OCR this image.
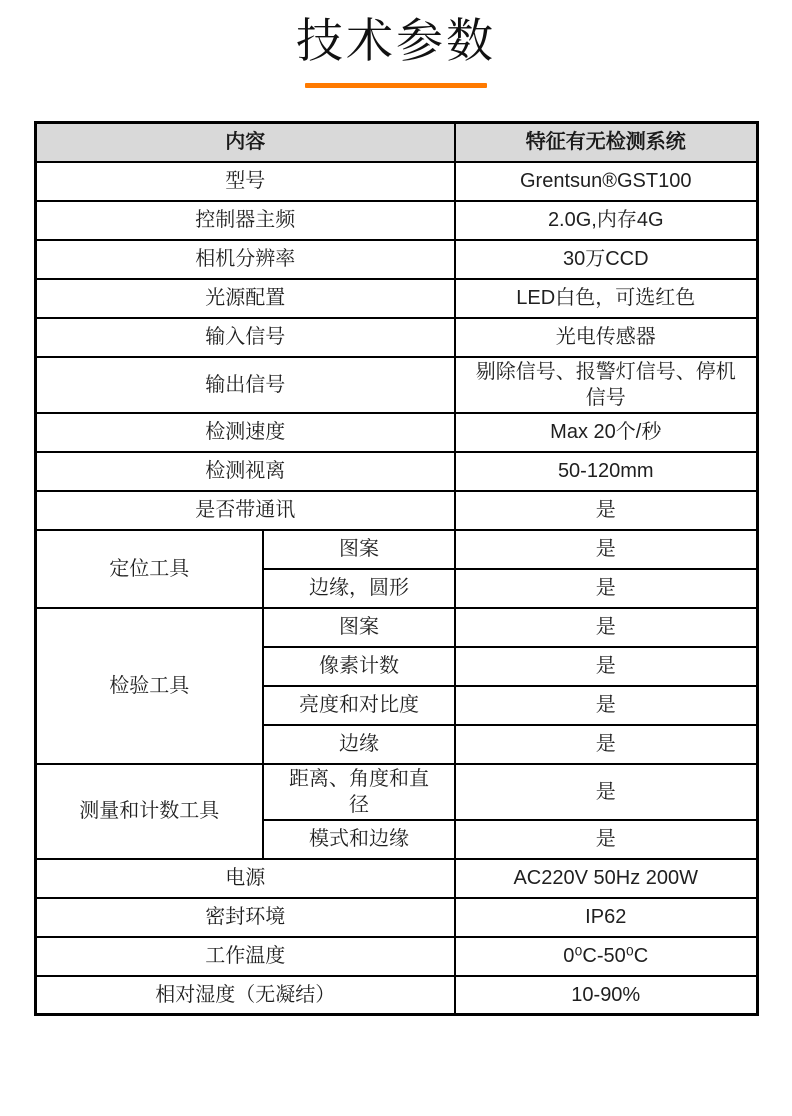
技术参数
内容		特征有无检测系统
型号		Grentsun®GST100
控制器主频		2.0G,内存4G
相机分辨率		30万CCD
光源配置		LED白色，可选红色
输入信号		光电传感器
输出信号		剔除信号、报警灯信号、停机信号
检测速度		Max 20个/秒
检测视离		50-120mm
是否带通讯		是
定位工具	图案	是
	边缘，圆形	是
检验工具	图案	是
	像素计数	是
	亮度和对比度	是
	边缘	是
测量和计数工具	距离、角度和直径	是
	模式和边缘	是
电源		AC220V 50Hz 200W
密封环境		IP62
工作温度		0⁰C-50⁰C
相对湿度（无凝结）		10-90%
